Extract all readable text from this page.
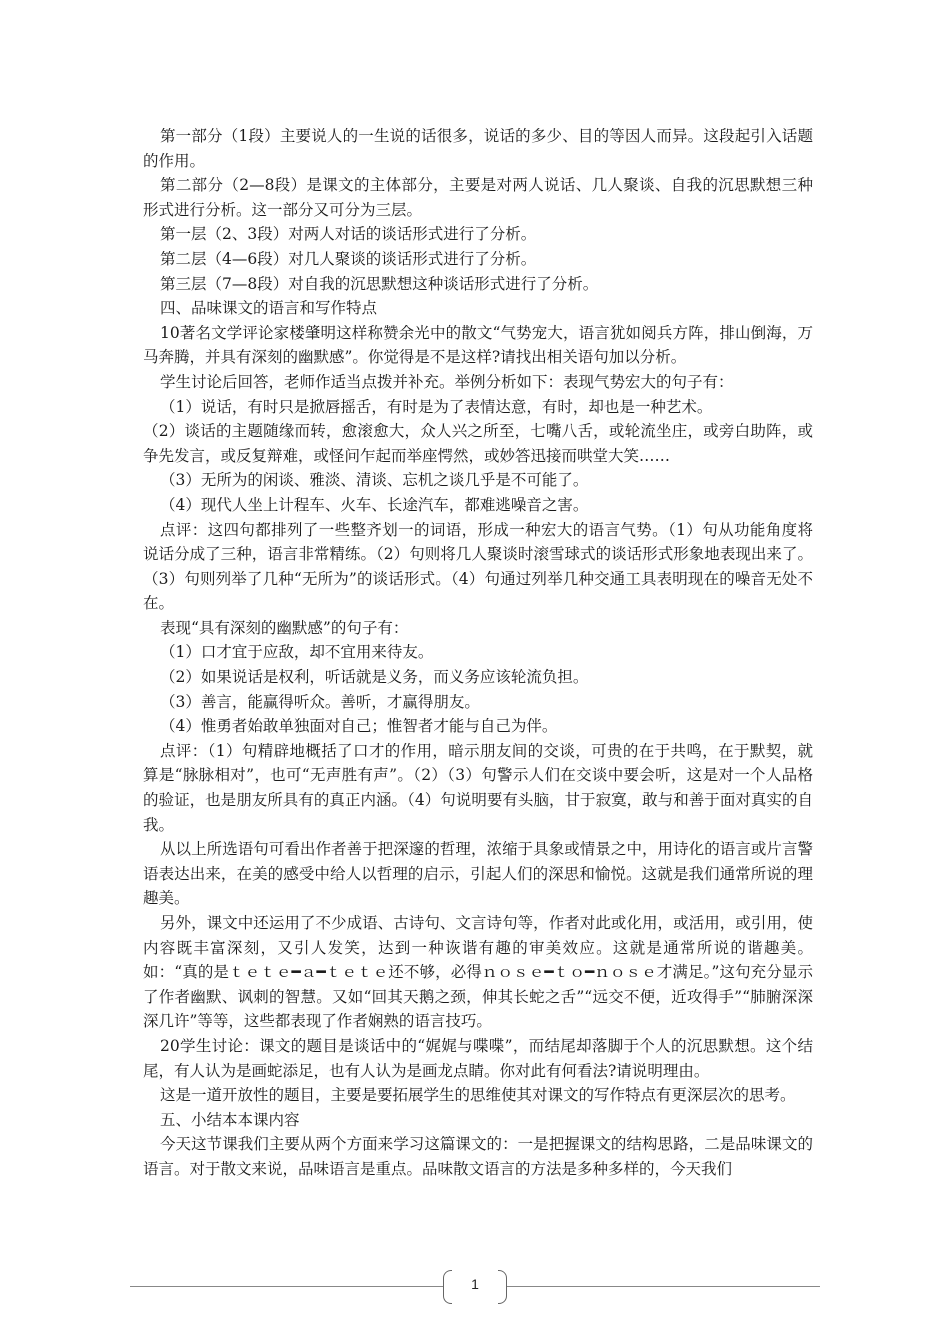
第一部分（1段）主要说人的一生说的话很多，说话的多少、目的等因人而异。这段起引入话题的作用。

第二部分（2—8段）是课文的主体部分，主要是对两人说话、几人聚谈、自我的沉思默想三种形式进行分析。这一部分又可分为三层。

第一层（2、3段）对两人对话的谈话形式进行了分析。

第二层（4—6段）对几人聚谈的谈话形式进行了分析。

第三层（7—8段）对自我的沉思默想这种谈话形式进行了分析。

四、品味课文的语言和写作特点

10著名文学评论家楼肇明这样称赞余光中的散文“气势宠大，语言犹如阅兵方阵，排山倒海，万马奔腾，并具有深刻的幽默感”。你觉得是不是这样?请找出相关语句加以分析。

学生讨论后回答，老师作适当点拨并补充。举例分析如下：表现气势宏大的句子有：

（1）说话，有时只是掀唇摇舌，有时是为了表情达意，有时，却也是一种艺术。

（2）谈话的主题随缘而转，愈滚愈大，众人兴之所至，七嘴八舌，或轮流坐庄，或旁白助阵，或争先发言，或反复辩难，或怪问乍起而举座愕然，或妙答迅接而哄堂大笑……

（3）无所为的闲谈、雅淡、清谈、忘机之谈几乎是不可能了。

（4）现代人坐上计程车、火车、长途汽车，都难逃噪音之害。

点评：这四句都排列了一些整齐划一的词语，形成一种宏大的语言气势。（1）句从功能角度将说话分成了三种，语言非常精练。（2）句则将几人聚谈时滚雪球式的谈话形式形象地表现出来了。（3）句则列举了几种“无所为”的谈话形式。（4）句通过列举几种交通工具表明现在的噪音无处不在。

表现“具有深刻的幽默感”的句子有：

（1）口才宜于应敌，却不宜用来待友。

（2）如果说话是权利，听话就是义务，而义务应该轮流负担。

（3）善言，能赢得听众。善听，才赢得朋友。

（4）惟勇者始敢单独面对自己；惟智者才能与自己为伴。

点评：（1）句精辟地概括了口才的作用，暗示朋友间的交谈，可贵的在于共鸣，在于默契，就算是“脉脉相对”，也可“无声胜有声”。（2）（3）句警示人们在交谈中要会听，这是对一个人品格的验证，也是朋友所具有的真正内涵。（4）句说明要有头脑，甘于寂寞，敢与和善于面对真实的自我。

从以上所选语句可看出作者善于把深邃的哲理，浓缩于具象或情景之中，用诗化的语言或片言警语表达出来，在美的感受中给人以哲理的启示，引起人们的深思和愉悦。这就是我们通常所说的理趣美。

另外，课文中还运用了不少成语、古诗句、文言诗句等，作者对此或化用，或活用，或引用，使内容既丰富深刻，又引人发笑，达到一种诙谐有趣的审美效应。这就是通常所说的谐趣美。如：“真的是ｔｅｔｅ━ａ━ｔｅｔｅ还不够，必得ｎｏｓｅ━ｔｏ━ｎｏｓｅ才满足。”这句充分显示了作者幽默、讽刺的智慧。又如“回其天鹅之颈，伸其长蛇之舌”“远交不便，近攻得手”“肺腑深深深几许”等等，这些都表现了作者娴熟的语言技巧。

20学生讨论：课文的题目是谈话中的“娓娓与喋喋”，而结尾却落脚于个人的沉思默想。这个结尾，有人认为是画蛇添足，也有人认为是画龙点睛。你对此有何看法?请说明理由。

这是一道开放性的题目，主要是要拓展学生的思维使其对课文的写作特点有更深层次的思考。

五、小结本本课内容

今天这节课我们主要从两个方面来学习这篇课文的：一是把握课文的结构思路，二是品味课文的语言。对于散文来说，品味语言是重点。品味散文语言的方法是多种多样的，今天我们

1
